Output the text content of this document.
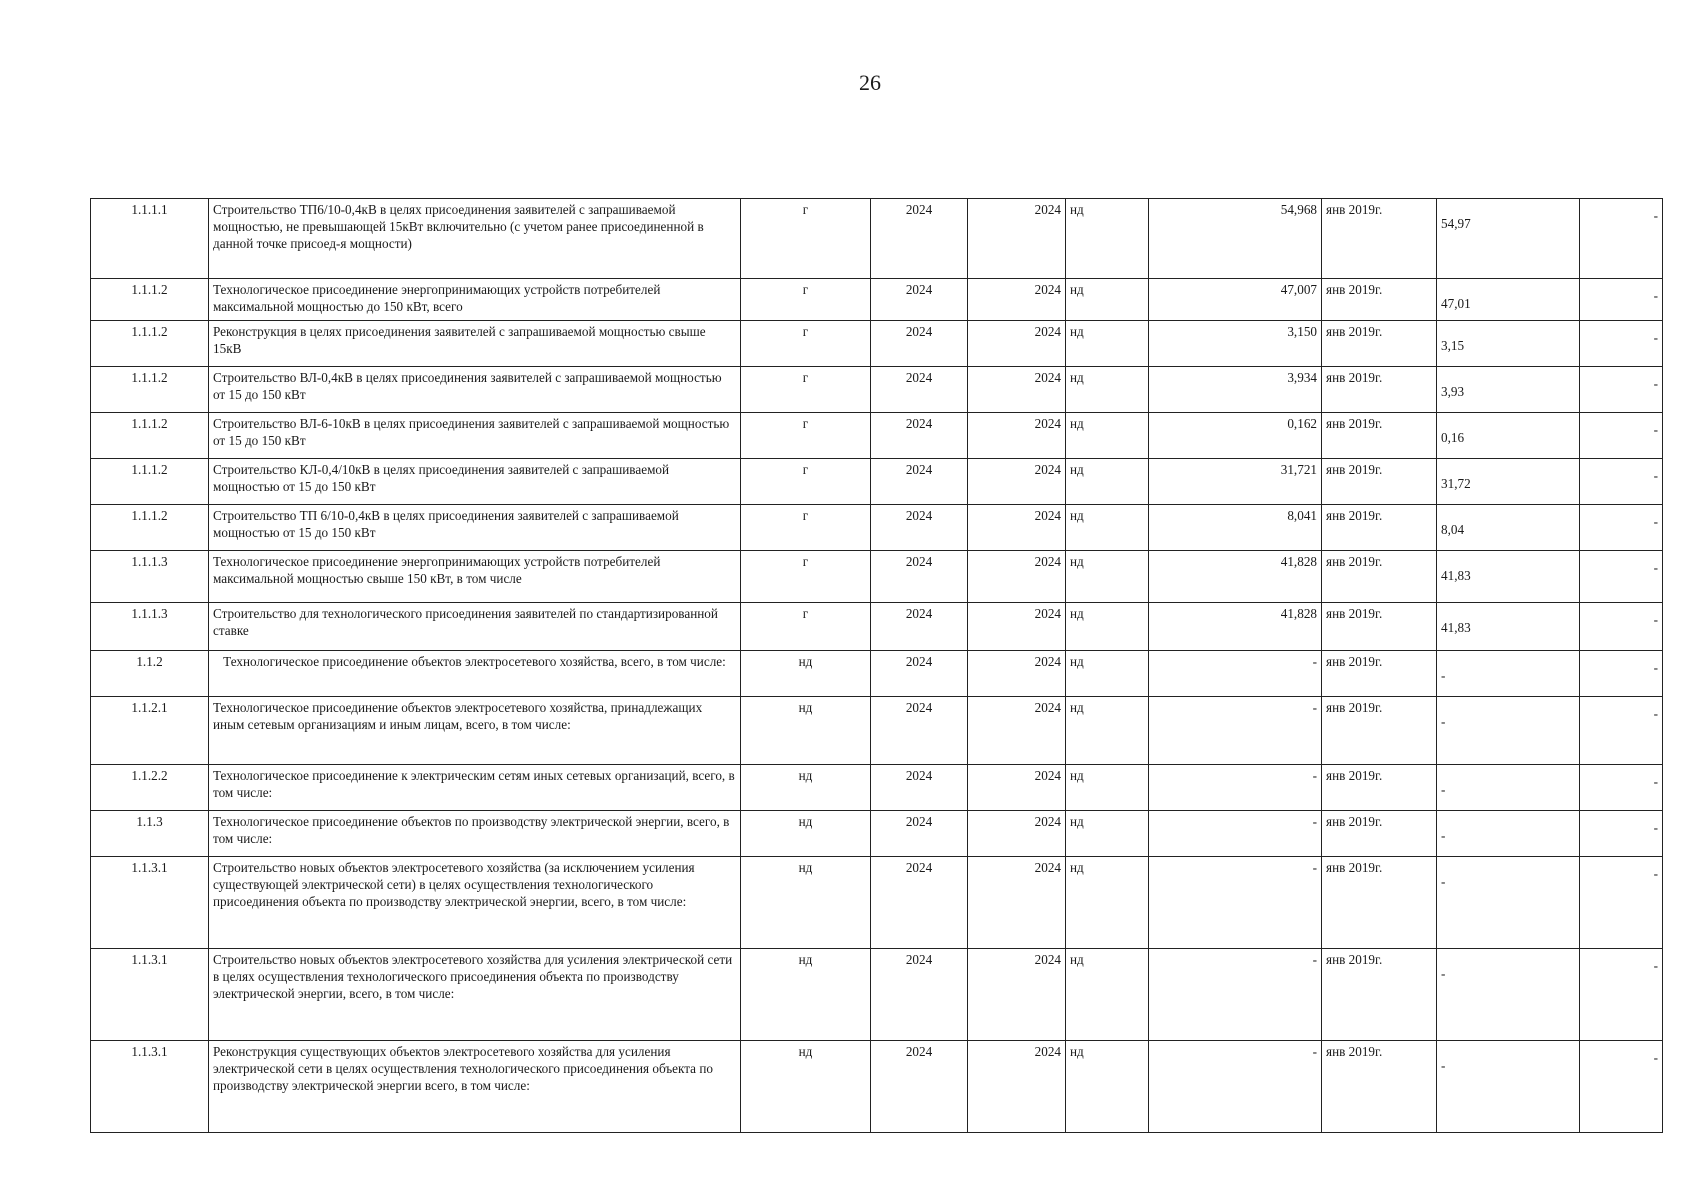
26
1.1.1.1	Строительство ТП6/10-0,4кВ в целях присоединения заявителей с запрашиваемой мощностью, не превышающей 15кВт включительно (с учетом ранее присоединенной в данной точке присоед-я мощности)	г	2024	2024	нд	54,968	янв 2019г.	54,97	-

1.1.1.2	Технологическое присоединение энергопринимающих устройств потребителей максимальной мощностью до 150 кВт, всего	г	2024	2024	нд	47,007	янв 2019г.	47,01	-

1.1.1.2	Реконструкция в целях присоединения заявителей с запрашиваемой мощностью свыше 15кВ	г	2024	2024	нд	3,150	янв 2019г.	3,15	-

1.1.1.2	Строительство ВЛ-0,4кВ в целях присоединения заявителей с запрашиваемой мощностью от 15 до 150 кВт	г	2024	2024	нд	3,934	янв 2019г.	3,93	-

1.1.1.2	Строительство ВЛ-6-10кВ в целях присоединения заявителей с запрашиваемой мощностью от 15 до 150 кВт	г	2024	2024	нд	0,162	янв 2019г.	0,16	-

1.1.1.2	Строительство КЛ-0,4/10кВ в целях присоединения заявителей с запрашиваемой мощностью от 15 до 150 кВт	г	2024	2024	нд	31,721	янв 2019г.	31,72	-

1.1.1.2	Строительство ТП 6/10-0,4кВ в целях присоединения заявителей с запрашиваемой мощностью от 15 до 150 кВт	г	2024	2024	нд	8,041	янв 2019г.	8,04	-

1.1.1.3	Технологическое присоединение энергопринимающих устройств потребителей максимальной мощностью свыше 150 кВт, в том числе	г	2024	2024	нд	41,828	янв 2019г.	41,83	-

1.1.1.3	Строительство для технологического присоединения заявителей по стандартизированной ставке	г	2024	2024	нд	41,828	янв 2019г.	41,83	-

1.1.2	Технологическое присоединение объектов электросетевого хозяйства, всего, в том числе:	нд	2024	2024	нд	-	янв 2019г.	-	-

1.1.2.1	Технологическое присоединение объектов электросетевого хозяйства, принадлежащих иным сетевым организациям и иным лицам, всего, в том числе:	нд	2024	2024	нд	-	янв 2019г.	-	-

1.1.2.2	Технологическое присоединение к электрическим сетям иных сетевых организаций, всего, в том числе:	нд	2024	2024	нд	-	янв 2019г.	-	-

1.1.3	Технологическое присоединение объектов по производству электрической энергии, всего, в том числе:	нд	2024	2024	нд	-	янв 2019г.	-	-

1.1.3.1	Строительство новых объектов электросетевого хозяйства (за исключением усиления существующей электрической сети) в целях осуществления технологического присоединения объекта по производству электрической энергии, всего, в том числе:	нд	2024	2024	нд	-	янв 2019г.	-	-

1.1.3.1	Строительство новых объектов электросетевого хозяйства для усиления электрической сети в целях осуществления технологического присоединения объекта по производству электрической энергии, всего, в том числе:	нд	2024	2024	нд	-	янв 2019г.	-	-

1.1.3.1	Реконструкция существующих объектов электросетевого хозяйства для усиления электрической сети в целях осуществления технологического присоединения объекта по производству электрической энергии всего, в том числе:	нд	2024	2024	нд	-	янв 2019г.	-	-
